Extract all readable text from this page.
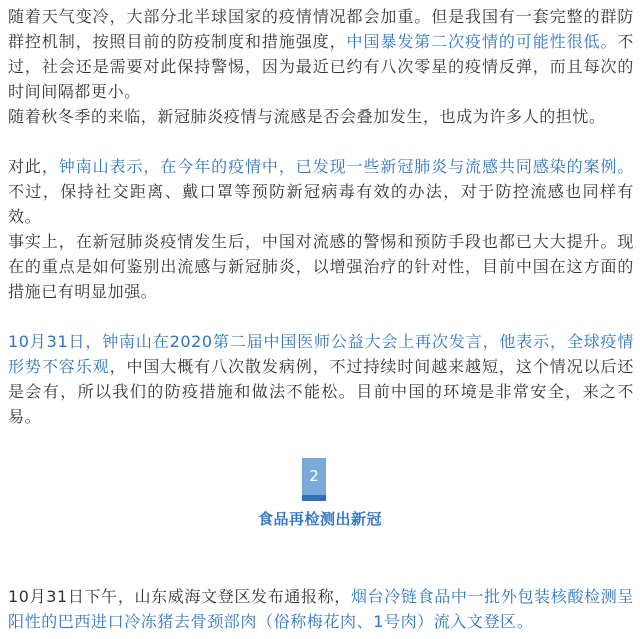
随着天气变冷，大部分北半球国家的疫情情况都会加重。但是我国有一套完整的群防群控机制，按照目前的防疫制度和措施强度，中国暴发第二次疫情的可能性很低。不过，社会还是需要对此保持警惕，因为最近已约有八次零星的疫情反弹，而且每次的时间间隔都更小。

随着秋冬季的来临，新冠肺炎疫情与流感是否会叠加发生，也成为许多人的担忧。

对此，钟南山表示，在今年的疫情中，已发现一些新冠肺炎与流感共同感染的案例。不过，保持社交距离、戴口罩等预防新冠病毒有效的办法，对于防控流感也同样有效。

事实上，在新冠肺炎疫情发生后，中国对流感的警惕和预防手段也都已大大提升。现在的重点是如何鉴别出流感与新冠肺炎，以增强治疗的针对性，目前中国在这方面的措施已有明显加强。

10月31日，钟南山在2020第二届中国医师公益大会上再次发言，他表示，全球疫情形势不容乐观，中国大概有八次散发病例，不过持续时间越来越短，这个情况以后还是会有，所以我们的防疫措施和做法不能松。目前中国的环境是非常安全，来之不易。

10月31日下午，山东威海文登区发布通报称，烟台冷链食品中一批外包装核酸检测呈阳性的巴西进口冷冻猪去骨颈部肉（俗称梅花肉、1号肉）流入文登区。

2
食品再检测出新冠
